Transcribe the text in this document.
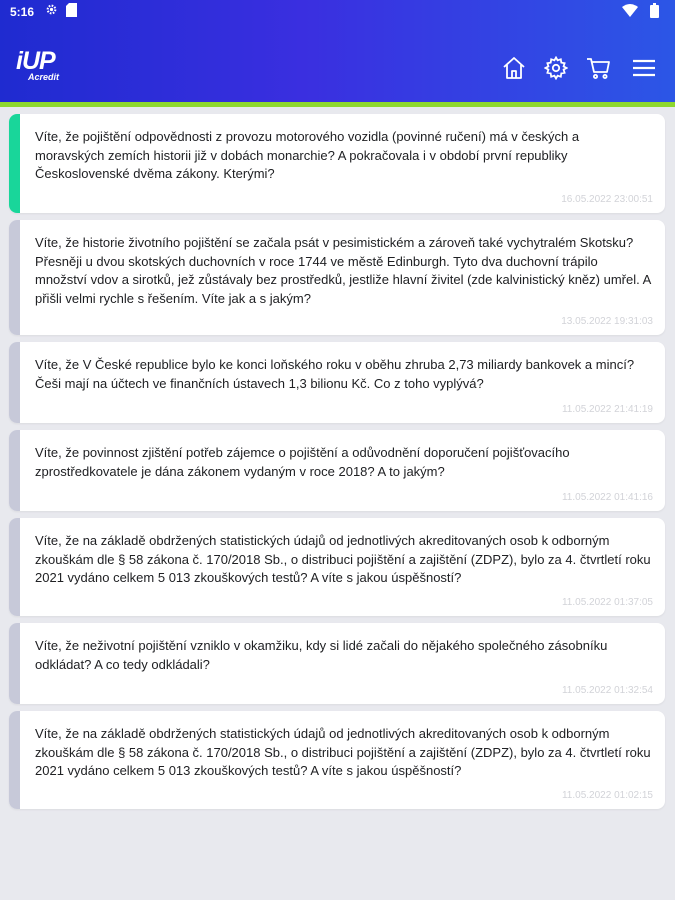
5:16
iUP
Acredit

Víte, že pojištění odpovědnosti z provozu motorového vozidla (povinné ručení) má v českých a moravských zemích historii již v dobách monarchie? A pokračovala i v období první republiky Československé dvěma zákony. Kterými?

16.05.2022 23:00:51

Víte, že historie životního pojištění se začala psát v pesimistickém a zároveň také vychytralém Skotsku? Přesněji u dvou skotských duchovních v roce 1744 ve městě Edinburgh. Tyto dva duchovní trápilo množství vdov a sirotků, jež zůstávaly bez prostředků, jestliže hlavní živitel (zde kalvinistický kněz) umřel. A přišli velmi rychle s řešením. Víte jak a s jakým?

13.05.2022 19:31:03

Víte, že V České republice bylo ke konci loňského roku v oběhu zhruba 2,73 miliardy bankovek a mincí? Češi mají na účtech ve finančních ústavech 1,3 bilionu Kč. Co z toho vyplývá?

11.05.2022 21:41:19

Víte, že povinnost zjištění potřeb zájemce o pojištění a odůvodnění doporučení pojišťovacího zprostředkovatele je dána zákonem vydaným v roce 2018? A to jakým?

11.05.2022 01:41:16

Víte, že na základě obdržených statistických údajů od jednotlivých akreditovaných osob k odborným zkouškám dle § 58 zákona č. 170/2018 Sb., o distribuci pojištění a zajištění (ZDPZ), bylo za 4. čtvrtletí roku 2021 vydáno celkem 5 013 zkouškových testů? A víte s jakou úspěšností?

11.05.2022 01:37:05

Víte, že neživotní pojištění vzniklo v okamžiku, kdy si lidé začali do nějakého společného zásobníku odkládat? A co tedy odkládali?

11.05.2022 01:32:54

Víte, že na základě obdržených statistických údajů od jednotlivých akreditovaných osob k odborným zkouškám dle § 58 zákona č. 170/2018 Sb., o distribuci pojištění a zajištění (ZDPZ), bylo za 4. čtvrtletí roku 2021 vydáno celkem 5 013 zkouškových testů? A víte s jakou úspěšností?

11.05.2022 01:02:15
